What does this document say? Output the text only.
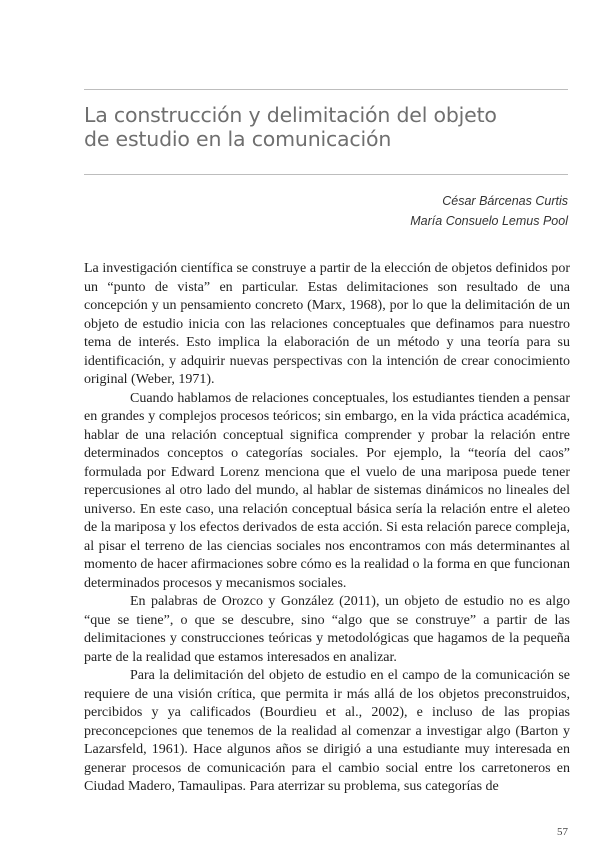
La construcción y delimitación del objeto
de estudio en la comunicación
César Bárcenas Curtis
María Consuelo Lemus Pool

La investigación científica se construye a partir de la elección de objetos definidos por un “punto de vista” en particular. Estas delimitaciones son resultado de una concepción y un pensamiento concreto (Marx, 1968), por lo que la delimitación de un objeto de estudio inicia con las relaciones conceptuales que definamos para nuestro tema de interés. Esto implica la elaboración de un método y una teoría para su identificación, y adquirir nuevas perspectivas con la intención de crear conocimiento original (Weber, 1971).

Cuando hablamos de relaciones conceptuales, los estudiantes tienden a pensar en grandes y complejos procesos teóricos; sin embargo, en la vida práctica académica, hablar de una relación conceptual significa comprender y probar la relación entre determinados conceptos o categorías sociales. Por ejemplo, la “teoría del caos” formulada por Edward Lorenz menciona que el vuelo de una mariposa puede tener repercusiones al otro lado del mundo, al hablar de sistemas dinámicos no lineales del universo. En este caso, una relación conceptual básica sería la relación entre el aleteo de la mariposa y los efectos derivados de esta acción. Si esta relación parece compleja, al pisar el terreno de las ciencias sociales nos encontramos con más determinantes al momento de hacer afirmaciones sobre cómo es la realidad o la forma en que funcionan determinados procesos y mecanismos sociales.

En palabras de Orozco y González (2011), un objeto de estudio no es algo “que se tiene”, o que se descubre, sino “algo que se construye” a partir de las delimitaciones y construcciones teóricas y metodológicas que hagamos de la pequeña parte de la realidad que estamos interesados en analizar.

Para la delimitación del objeto de estudio en el campo de la comunicación se requiere de una visión crítica, que permita ir más allá de los objetos preconstruidos, percibidos y ya calificados (Bourdieu et al., 2002), e incluso de las propias preconcepciones que tenemos de la realidad al comenzar a investigar algo (Barton y Lazarsfeld, 1961). Hace algunos años se dirigió a una estudiante muy interesada en generar procesos de comunicación para el cambio social entre los carretoneros en Ciudad Madero, Tamaulipas. Para aterrizar su problema, sus categorías de

57
